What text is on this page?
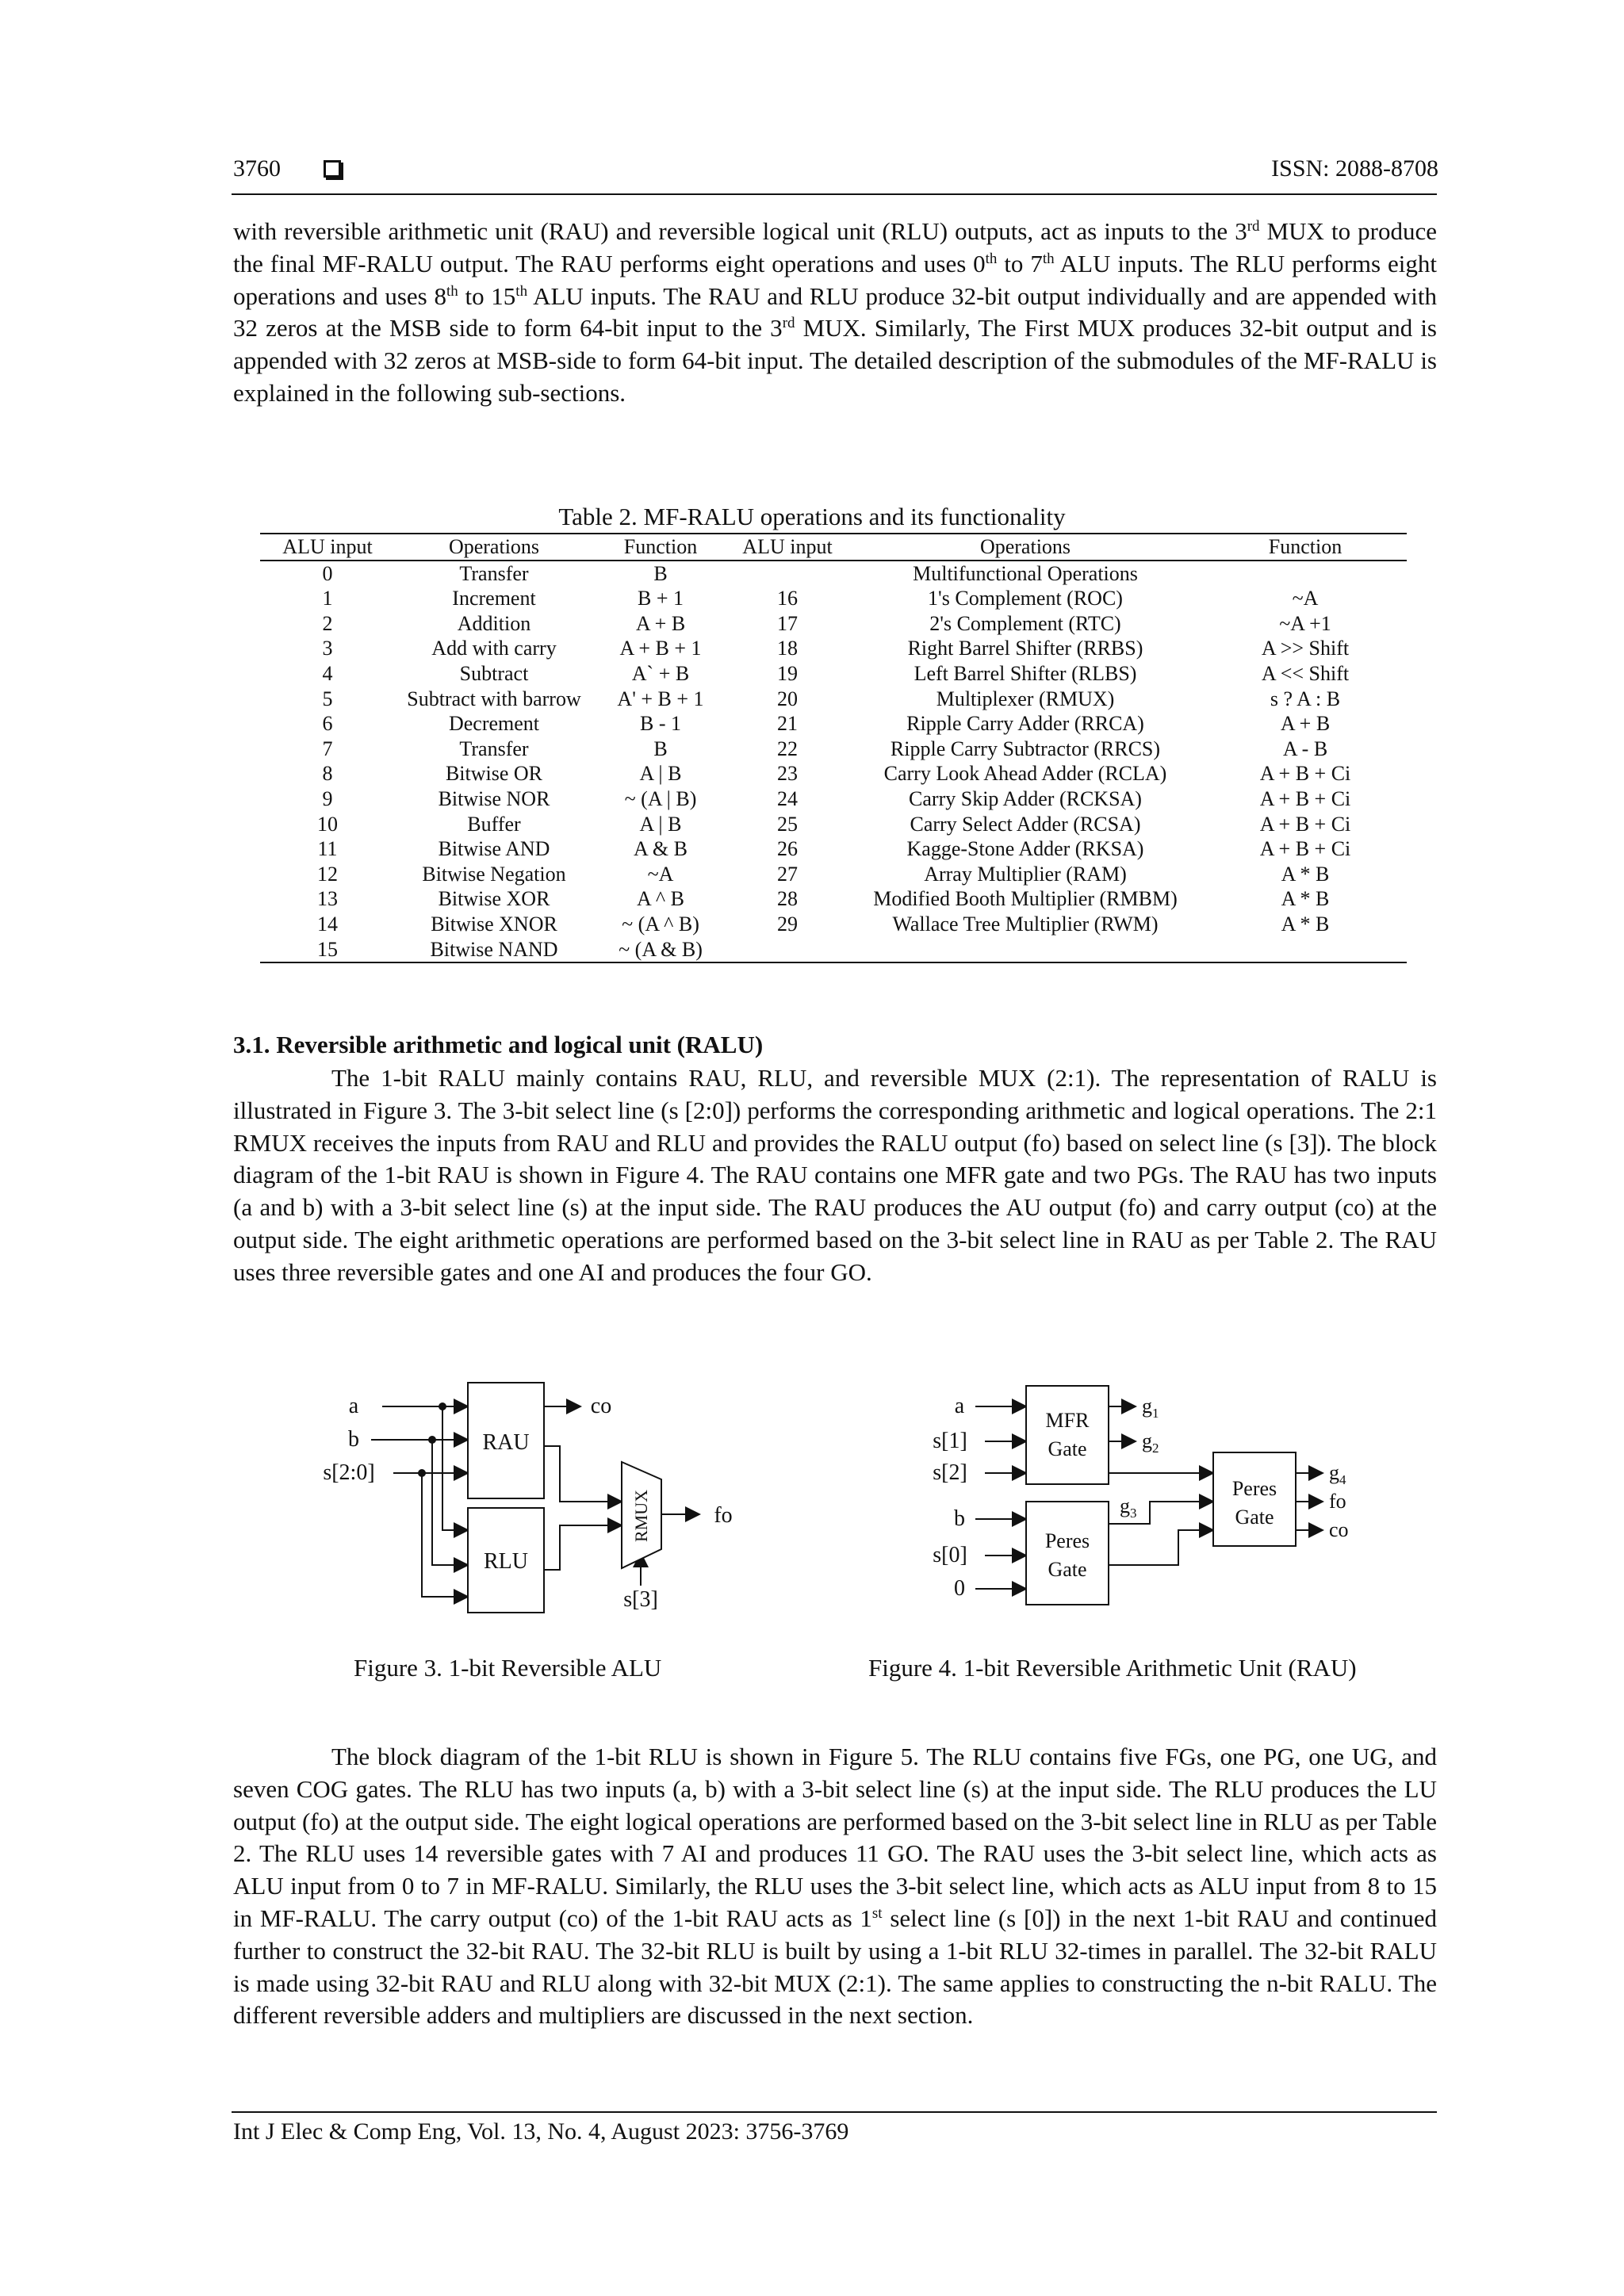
3760	ISSN: 2088-8708
with reversible arithmetic unit (RAU) and reversible logical unit (RLU) outputs, act as inputs to the 3rd MUX to produce the final MF-RALU output. The RAU performs eight operations and uses 0th to 7th ALU inputs. The RLU performs eight operations and uses 8th to 15th ALU inputs. The RAU and RLU produce 32-bit output individually and are appended with 32 zeros at the MSB side to form 64-bit input to the 3rd MUX. Similarly, The First MUX produces 32-bit output and is appended with 32 zeros at MSB-side to form 64-bit input. The detailed description of the submodules of the MF-RALU is explained in the following sub-sections.
Table 2. MF-RALU operations and its functionality
ALU input	Operations	Function	ALU input	Operations	Function
0	Transfer	B		Multifunctional Operations	
1	Increment	B + 1	16	1's Complement (ROC)	~A
2	Addition	A + B	17	2's Complement (RTC)	~A +1
3	Add with carry	A + B + 1	18	Right Barrel Shifter (RRBS)	A >> Shift
4	Subtract	A` + B	19	Left Barrel Shifter (RLBS)	A << Shift
5	Subtract with barrow	A' + B + 1	20	Multiplexer (RMUX)	s ? A : B
6	Decrement	B - 1	21	Ripple Carry Adder (RRCA)	A + B
7	Transfer	B	22	Ripple Carry Subtractor (RRCS)	A - B
8	Bitwise OR	A | B	23	Carry Look Ahead Adder (RCLA)	A + B + Ci
9	Bitwise NOR	~ (A | B)	24	Carry Skip Adder (RCKSA)	A + B + Ci
10	Buffer	A | B	25	Carry Select Adder (RCSA)	A + B + Ci
11	Bitwise AND	A & B	26	Kagge-Stone Adder (RKSA)	A + B + Ci
12	Bitwise Negation	~A	27	Array Multiplier (RAM)	A * B
13	Bitwise XOR	A ^ B	28	Modified Booth Multiplier (RMBM)	A * B
14	Bitwise XNOR	~ (A ^ B)	29	Wallace Tree Multiplier (RWM)	A * B
15	Bitwise NAND	~ (A & B)			
3.1. Reversible arithmetic and logical unit (RALU)
The 1-bit RALU mainly contains RAU, RLU, and reversible MUX (2:1). The representation of RALU is illustrated in Figure 3. The 3-bit select line (s [2:0]) performs the corresponding arithmetic and logical operations. The 2:1 RMUX receives the inputs from RAU and RLU and provides the RALU output (fo) based on select line (s [3]). The block diagram of the 1-bit RAU is shown in Figure 4. The RAU contains one MFR gate and two PGs. The RAU has two inputs (a and b) with a 3-bit select line (s) at the input side. The RAU produces the AU output (fo) and carry output (co) at the output side. The eight arithmetic operations are performed based on the 3-bit select line in RAU as per Table 2. The RAU uses three reversible gates and one AI and produces the four GO.
a
b
s[2:0]
RAU
RLU
RMUX
co
fo
s[3]
Figure 3. 1-bit Reversible ALU
a
s[1]
s[2]
b
s[0]
0
MFR
Gate
Peres
Gate
Peres
Gate
$g_1$
$g_2$
$g_3$
$g_4$
fo
co
Figure 4. 1-bit Reversible Arithmetic Unit (RAU)
The block diagram of the 1-bit RLU is shown in Figure 5. The RLU contains five FGs, one PG, one UG, and seven COG gates. The RLU has two inputs (a, b) with a 3-bit select line (s) at the input side. The RLU produces the LU output (fo) at the output side. The eight logical operations are performed based on the 3-bit select line in RLU as per Table 2. The RLU uses 14 reversible gates with 7 AI and produces 11 GO. The RAU uses the 3-bit select line, which acts as ALU input from 0 to 7 in MF-RALU. Similarly, the RLU uses the 3-bit select line, which acts as ALU input from 8 to 15 in MF-RALU. The carry output (co) of the 1-bit RAU acts as 1st select line (s [0]) in the next 1-bit RAU and continued further to construct the 32-bit RAU. The 32-bit RLU is built by using a 1-bit RLU 32-times in parallel. The 32-bit RALU is made using 32-bit RAU and RLU along with 32-bit MUX (2:1). The same applies to constructing the n-bit RALU. The different reversible adders and multipliers are discussed in the next section.
Int J Elec & Comp Eng, Vol. 13, No. 4, August 2023: 3756-3769
